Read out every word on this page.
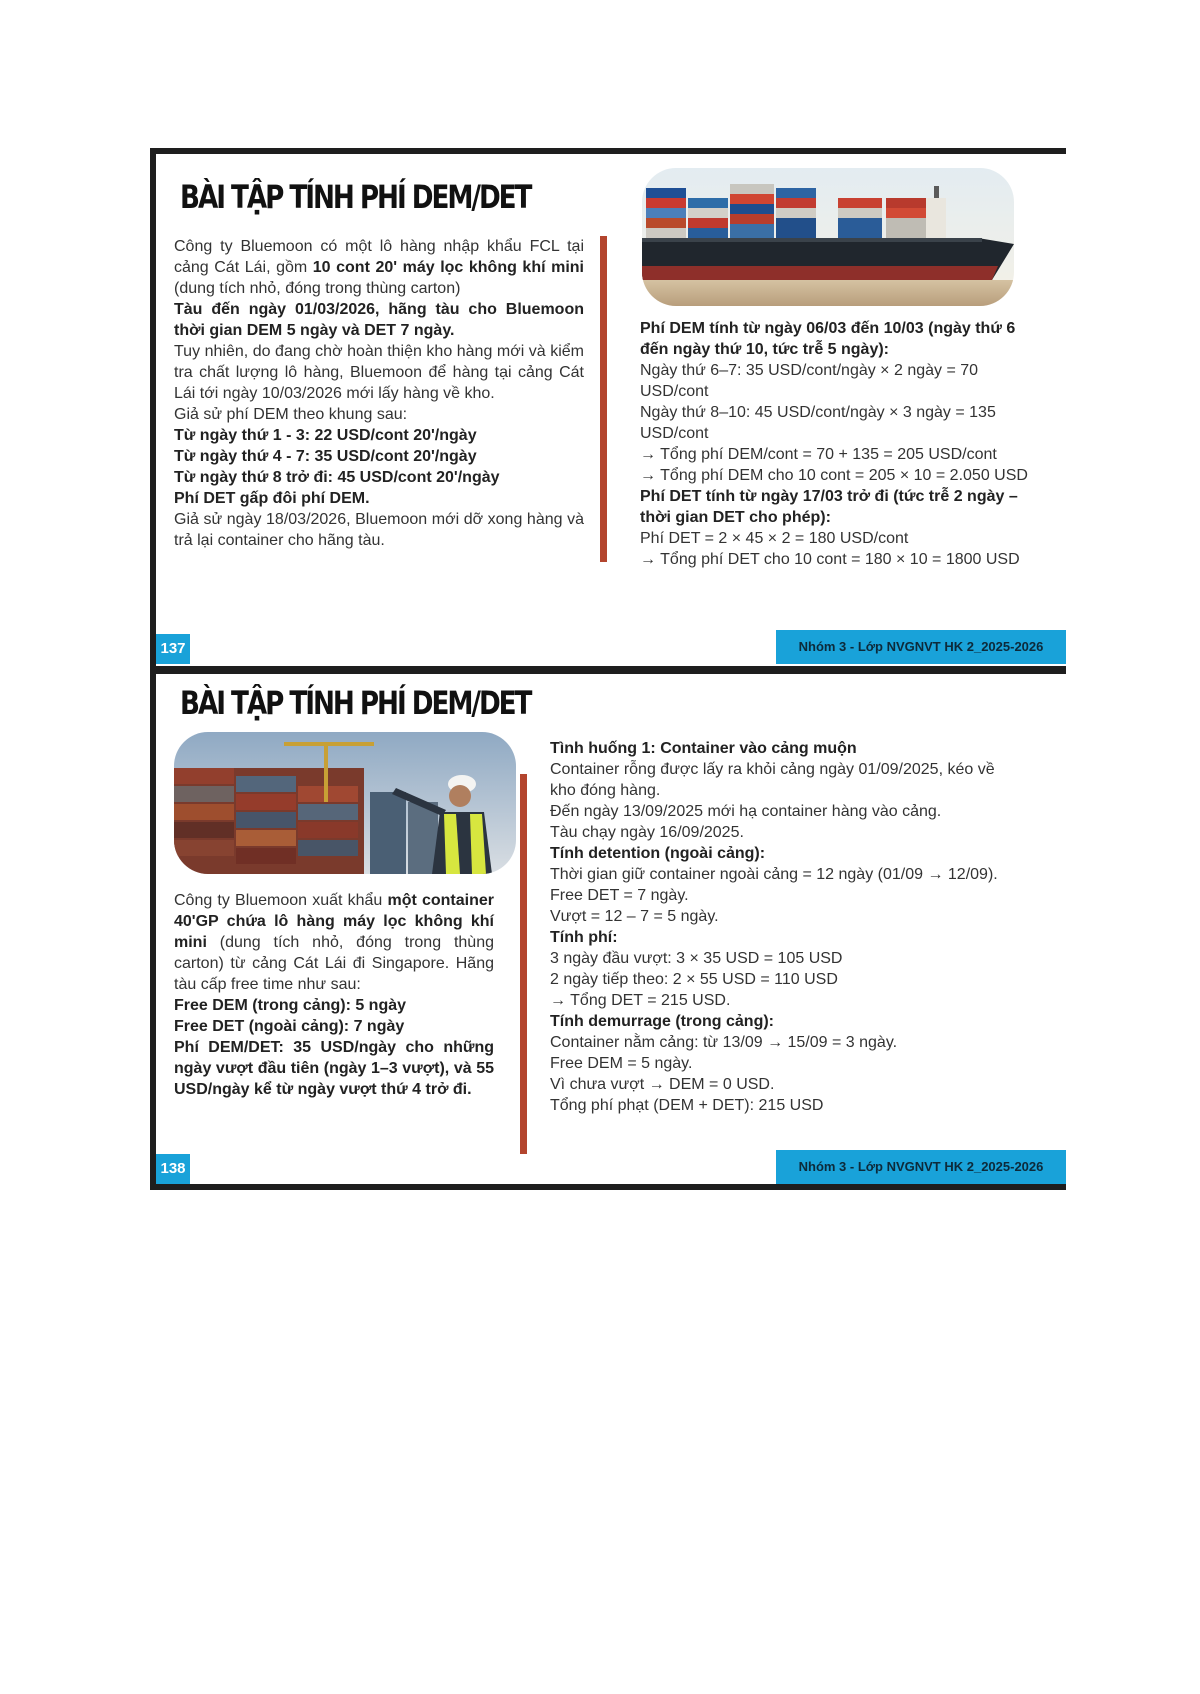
BÀI TẬP TÍNH PHÍ DEM/DET

Công ty Bluemoon có một lô hàng nhập khẩu FCL tại cảng Cát Lái, gồm 10 cont 20' máy lọc không khí mini (dung tích nhỏ, đóng trong thùng carton)

Tàu đến ngày 01/03/2026, hãng tàu cho Bluemoon thời gian DEM 5 ngày và DET 7 ngày.

Tuy nhiên, do đang chờ hoàn thiện kho hàng mới và kiểm tra chất lượng lô hàng, Bluemoon để hàng tại cảng Cát Lái tới ngày 10/03/2026 mới lấy hàng về kho.

Giả sử phí DEM theo khung sau:

Từ ngày thứ 1 - 3: 22 USD/cont 20'/ngày

Từ ngày thứ 4 - 7: 35 USD/cont 20'/ngày

Từ ngày thứ 8 trở đi: 45 USD/cont 20'/ngày

Phí DET gấp đôi phí DEM.

Giả sử ngày 18/03/2026, Bluemoon mới dỡ xong hàng và trả lại container cho hãng tàu.

Phí DEM tính từ ngày 06/03 đến 10/03 (ngày thứ 6 đến ngày thứ 10, tức trễ 5 ngày):

Ngày thứ 6–7: 35 USD/cont/ngày × 2 ngày = 70 USD/cont

Ngày thứ 8–10: 45 USD/cont/ngày × 3 ngày = 135 USD/cont

→ Tổng phí DEM/cont = 70 + 135 = 205 USD/cont

→ Tổng phí DEM cho 10 cont = 205 × 10 = 2.050 USD

Phí DET tính từ ngày 17/03 trở đi (tức trễ 2 ngày – thời gian DET cho phép):

Phí DET = 2 × 45 × 2 = 180 USD/cont

→ Tổng phí DET cho 10 cont = 180 × 10 = 1800 USD

137	Nhóm 3 - Lớp NVGNVT HK 2_2025-2026
BÀI TẬP TÍNH PHÍ DEM/DET

Công ty Bluemoon xuất khẩu một container 40'GP chứa lô hàng máy lọc không khí mini (dung tích nhỏ, đóng trong thùng carton) từ cảng Cát Lái đi Singapore. Hãng tàu cấp free time như sau:

Free DEM (trong cảng): 5 ngày

Free DET (ngoài cảng): 7 ngày

Phí DEM/DET: 35 USD/ngày cho những ngày vượt đầu tiên (ngày 1–3 vượt), và 55 USD/ngày kể từ ngày vượt thứ 4 trở đi.

Tình huống 1: Container vào cảng muộn

Container rỗng được lấy ra khỏi cảng ngày 01/09/2025, kéo về kho đóng hàng.

Đến ngày 13/09/2025 mới hạ container hàng vào cảng.

Tàu chạy ngày 16/09/2025.

Tính detention (ngoài cảng):

Thời gian giữ container ngoài cảng = 12 ngày (01/09 → 12/09).

Free DET = 7 ngày.

Vượt = 12 – 7 = 5 ngày.

Tính phí:

3 ngày đầu vượt: 3 × 35 USD = 105 USD

2 ngày tiếp theo: 2 × 55 USD = 110 USD

→ Tổng DET = 215 USD.

Tính demurrage (trong cảng):

Container nằm cảng: từ 13/09 → 15/09 = 3 ngày.

Free DEM = 5 ngày.

Vì chưa vượt → DEM = 0 USD.

Tổng phí phạt (DEM + DET): 215 USD

138	Nhóm 3 - Lớp NVGNVT HK 2_2025-2026
